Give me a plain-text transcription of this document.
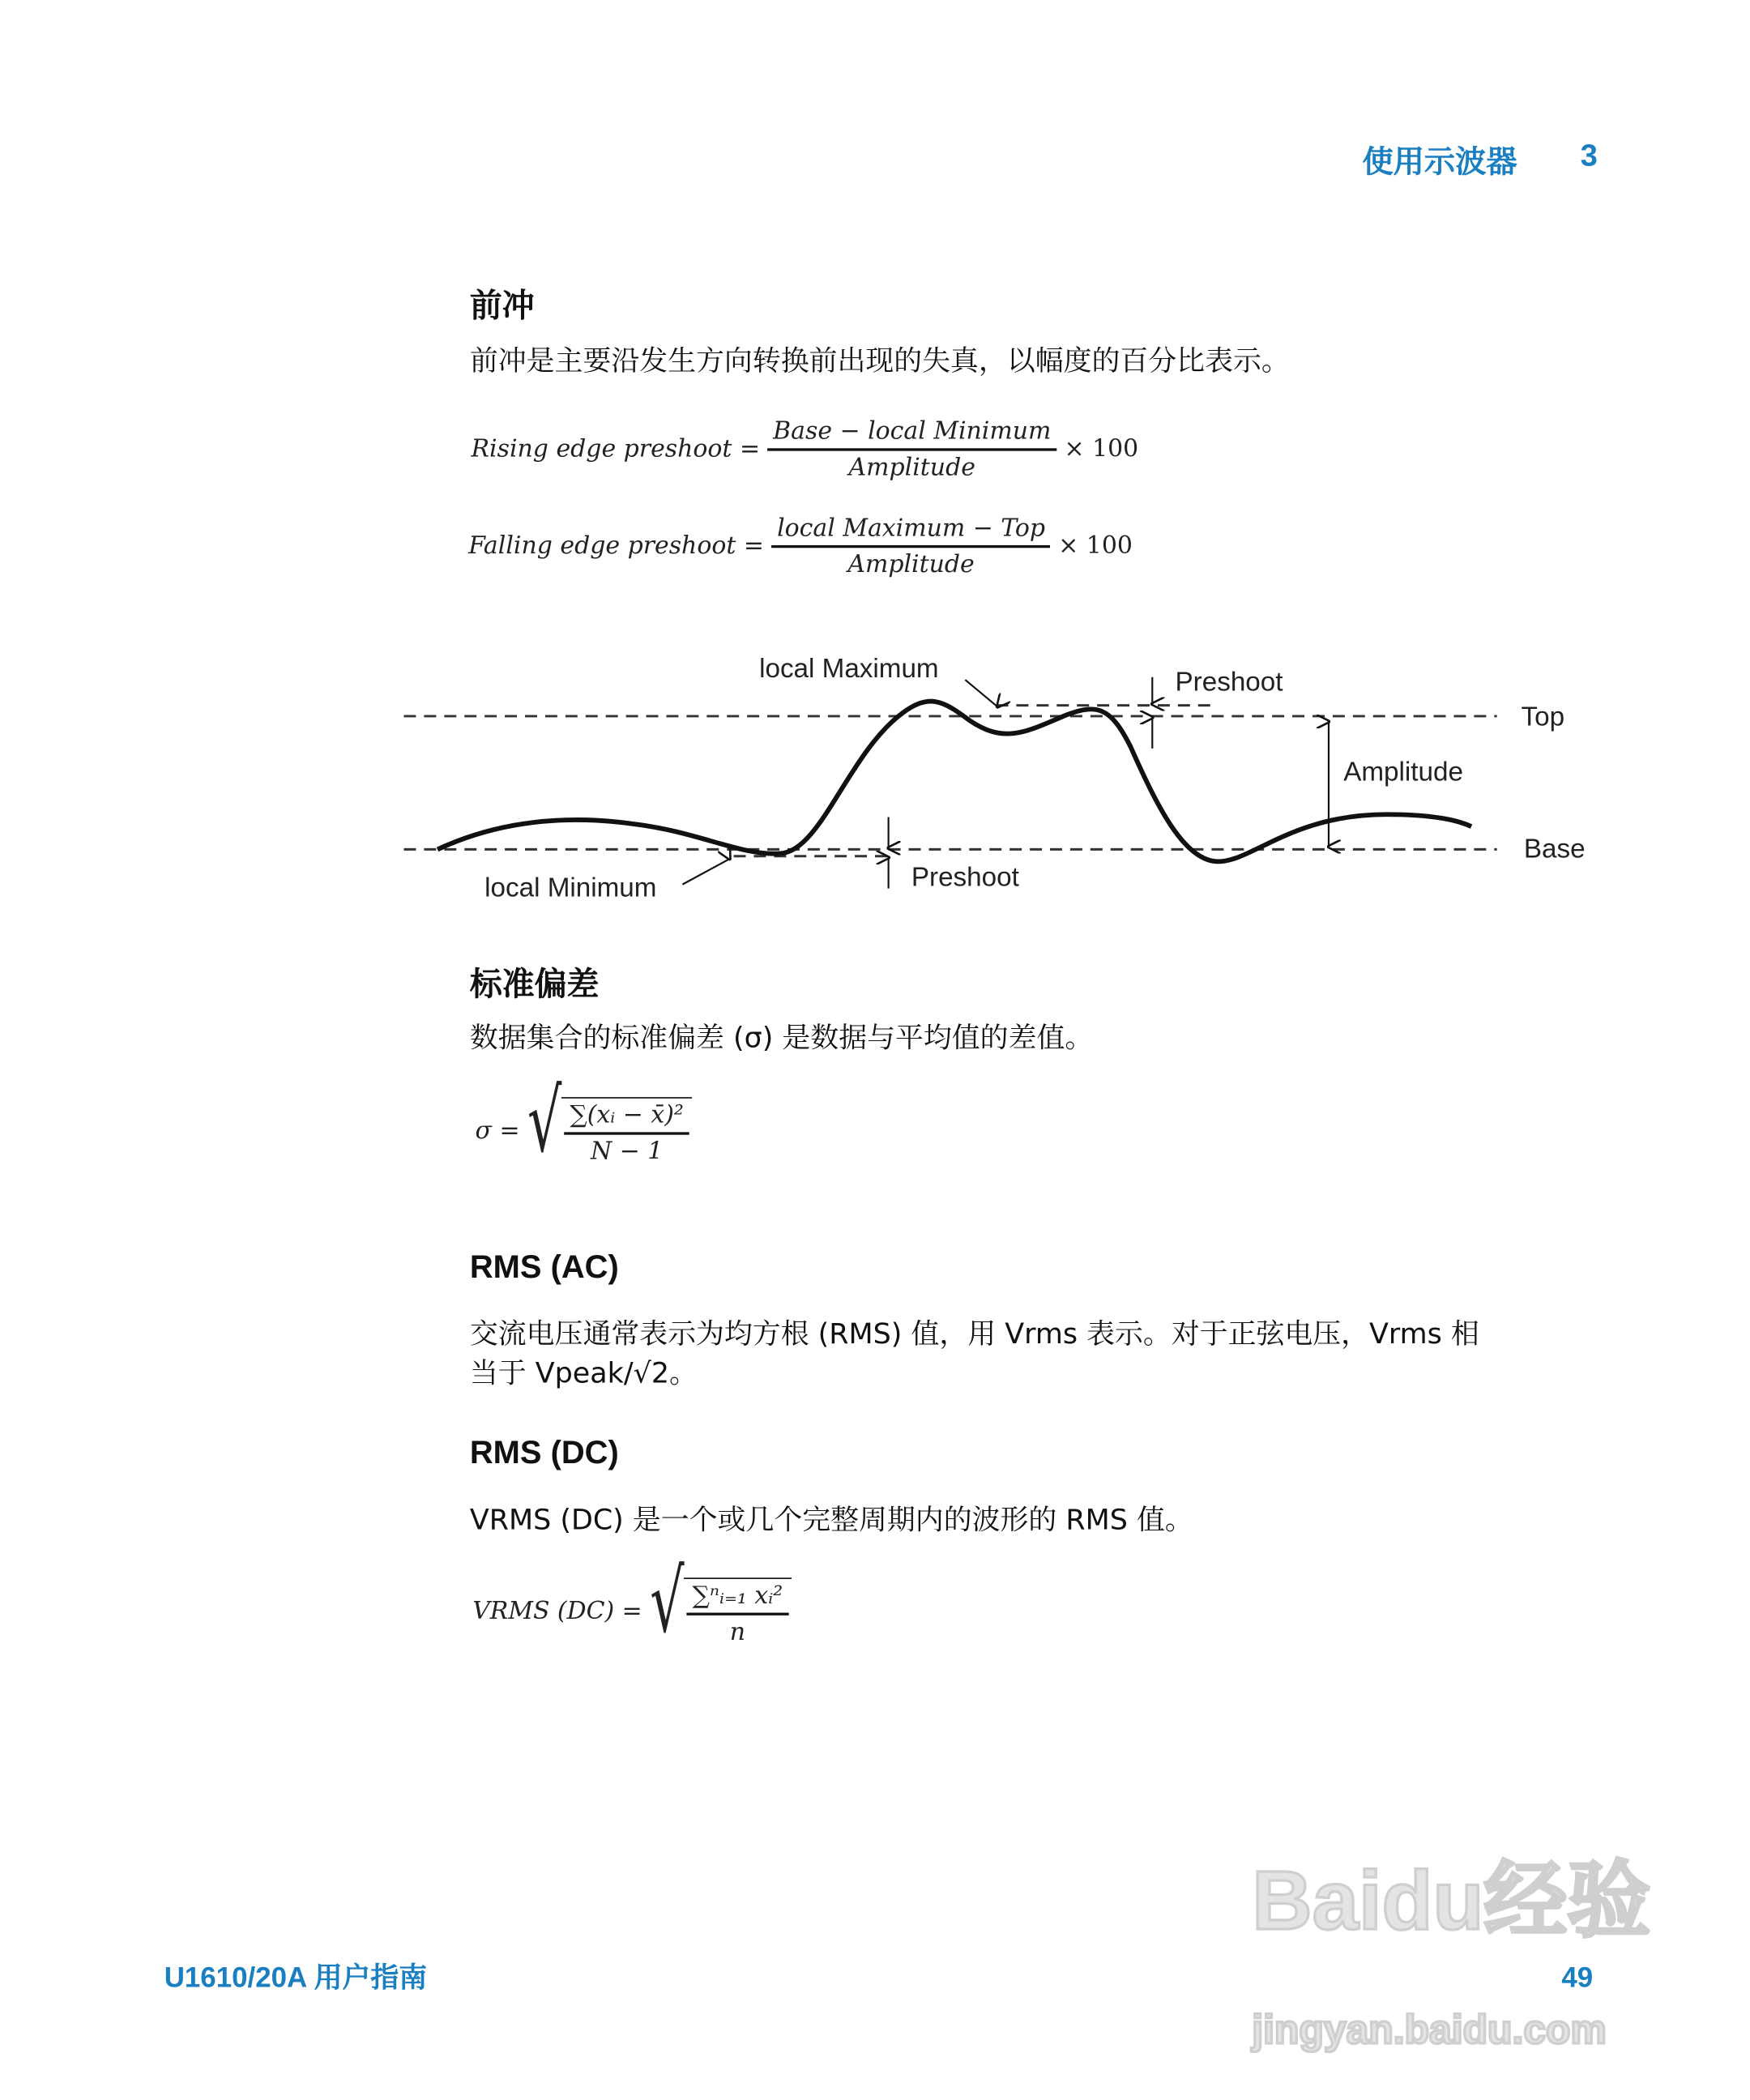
使用示波器	3
前冲
前冲是主要沿发生方向转换前出现的失真，以幅度的百分比表示。
Rising edge preshoot = $\frac{\text{Base − local Minimum}}{\text{Amplitude}} \times 100$
Falling edge preshoot = $\frac{\text{local Maximum − Top}}{\text{Amplitude}} \times 100$
local Maximum	Preshoot
Top
Amplitude
Base
Preshoot
local Minimum
标准偏差
数据集合的标准偏差 (σ) 是数据与平均值的差值。
σ = √ $\frac{\text{∑(xᵢ − x̄)²}}{N - 1}$
RMS (AC)
交流电压通常表示为均方根 (RMS) 值，用 Vrms 表示。对于正弦电压，Vrms 相
当于 Vpeak/√2。
RMS (DC)
VRMS (DC) 是一个或几个完整周期内的波形的 RMS 值。
VRMS (DC) = √ $\frac{\text{∑ⁿᵢ₌₁ xᵢ²}}{n}$
Baidu经验
jingyan.baidu.com
U1610/20A 用户指南	49
